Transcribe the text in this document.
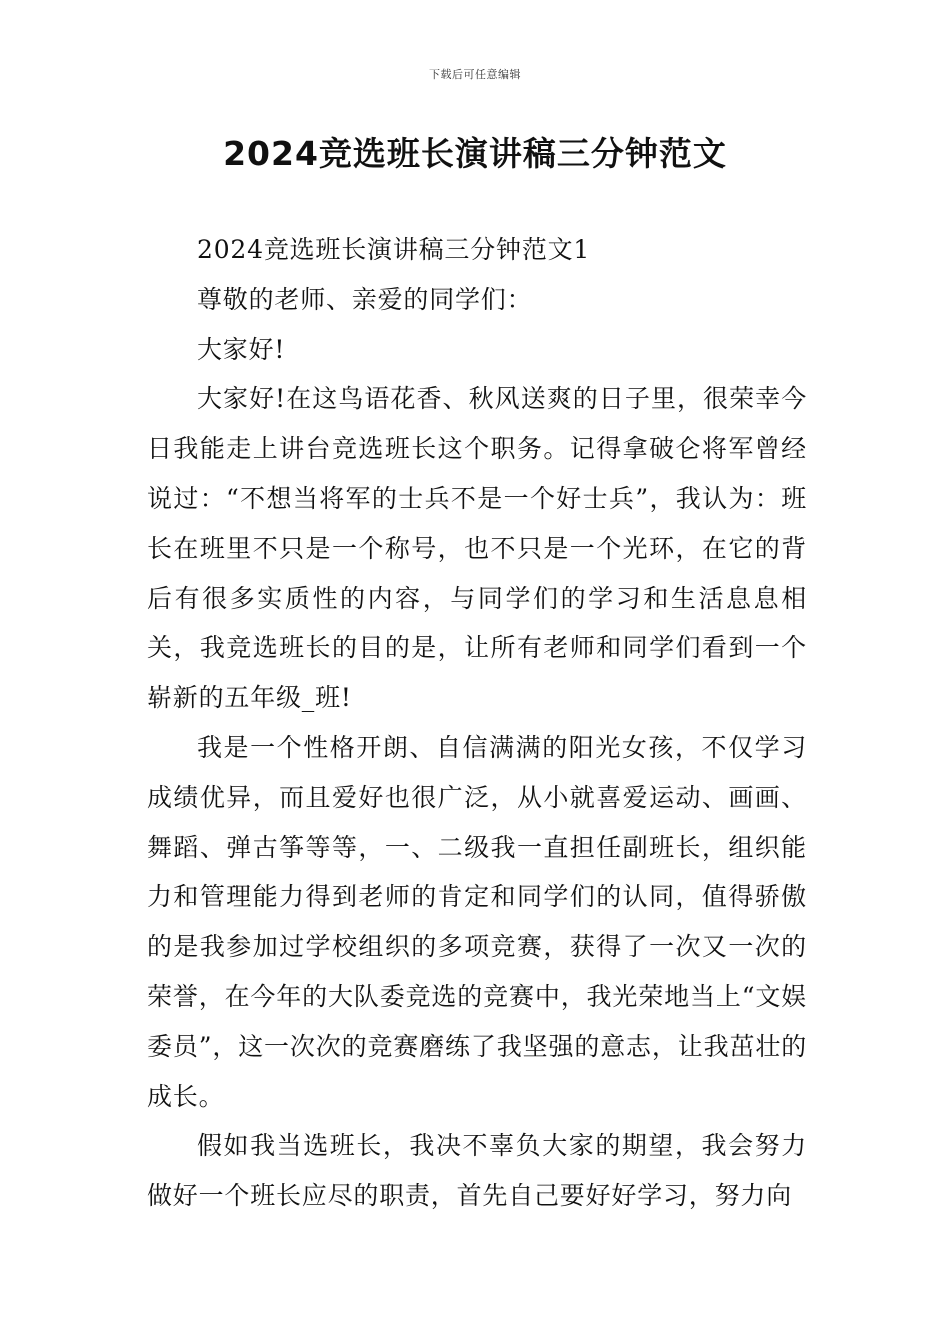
下载后可任意编辑
2024竞选班长演讲稿三分钟范文

2024竞选班长演讲稿三分钟范文1

尊敬的老师、亲爱的同学们：

大家好!

大家好!在这鸟语花香、秋风送爽的日子里，很荣幸今日我能走上讲台竞选班长这个职务。记得拿破仑将军曾经说过：“不想当将军的士兵不是一个好士兵”，我认为：班长在班里不只是一个称号，也不只是一个光环，在它的背后有很多实质性的内容，与同学们的学习和生活息息相关，我竞选班长的目的是，让所有老师和同学们看到一个崭新的五年级_班!

我是一个性格开朗、自信满满的阳光女孩，不仅学习成绩优异，而且爱好也很广泛，从小就喜爱运动、画画、舞蹈、弹古筝等等，一、二级我一直担任副班长，组织能力和管理能力得到老师的肯定和同学们的认同，值得骄傲的是我参加过学校组织的多项竞赛，获得了一次又一次的荣誉，在今年的大队委竞选的竞赛中，我光荣地当上“文娱委员”，这一次次的竞赛磨练了我坚强的意志，让我茁壮的成长。

假如我当选班长，我决不辜负大家的期望，我会努力做好一个班长应尽的职责，首先自己要好好学习，努力向
